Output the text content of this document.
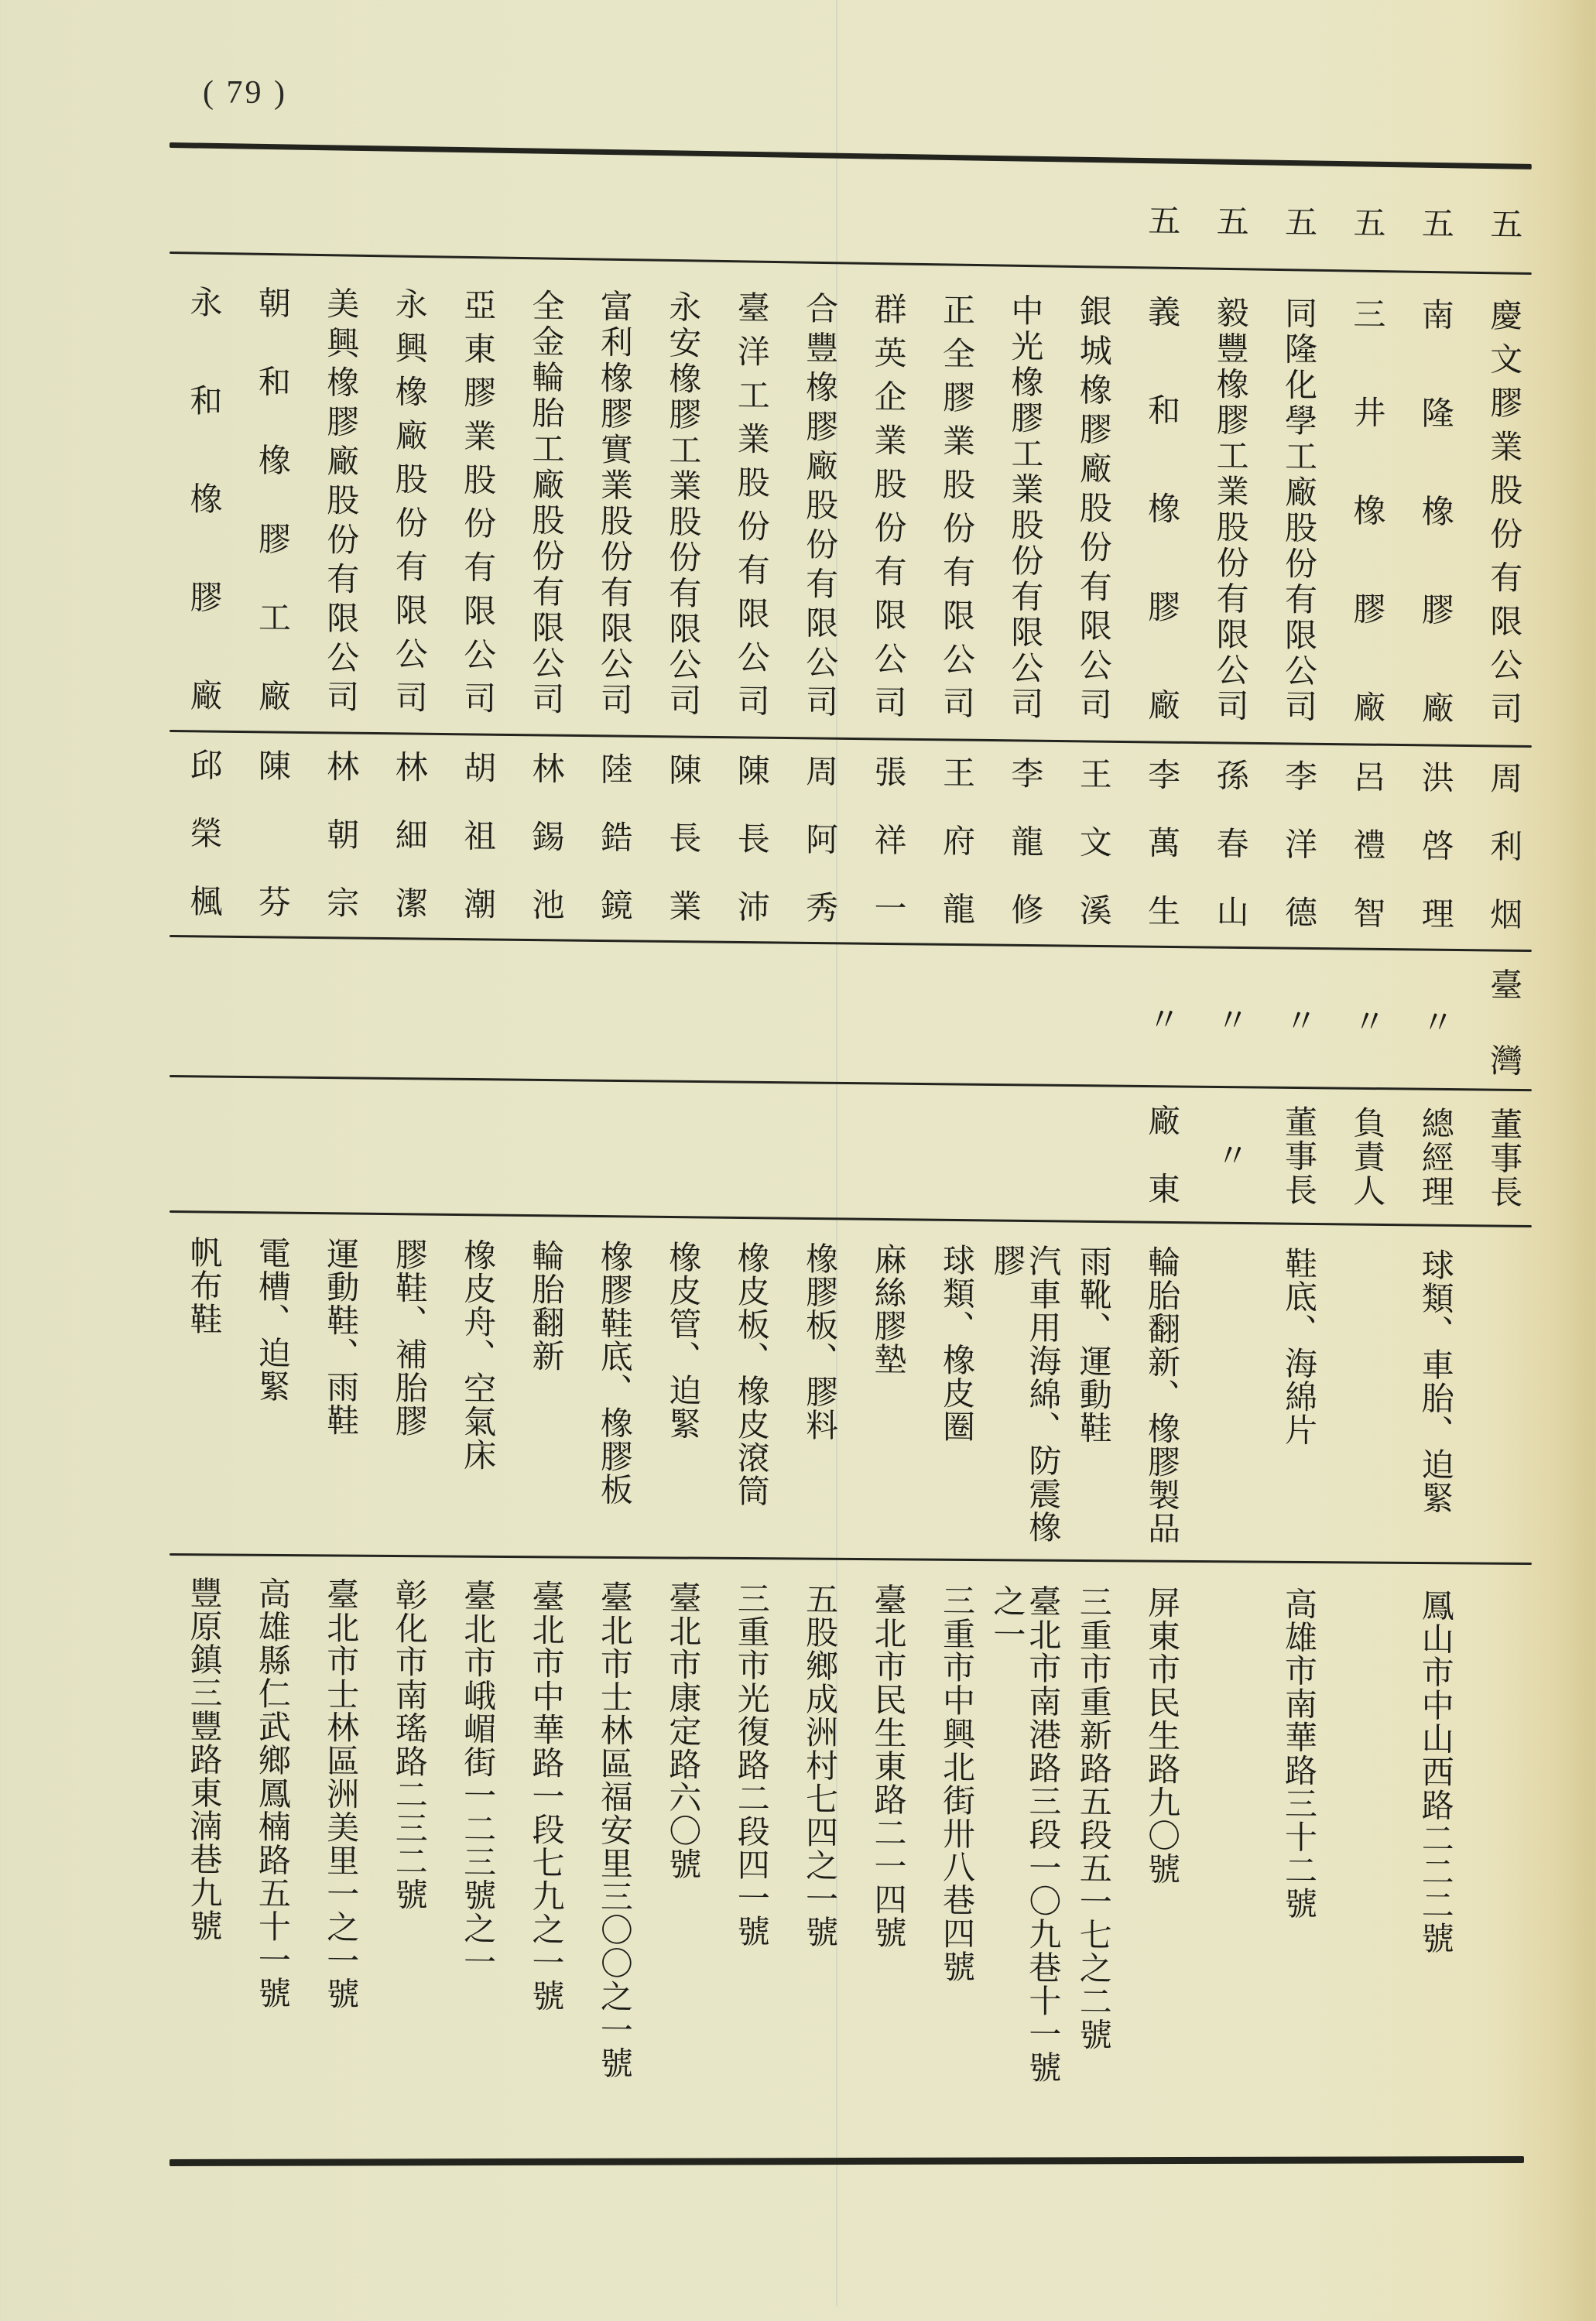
( 79 )
五
五
五
五
五
五
慶文膠業股份有限公司
南隆橡膠廠
三井橡膠廠
同隆化學工廠股份有限公司
毅豐橡膠工業股份有限公司
義和橡膠廠
銀城橡膠廠股份有限公司
中光橡膠工業股份有限公司
正全膠業股份有限公司
群英企業股份有限公司
合豐橡膠廠股份有限公司
臺洋工業股份有限公司
永安橡膠工業股份有限公司
富利橡膠實業股份有限公司
全金輪胎工廠股份有限公司
亞東膠業股份有限公司
永興橡廠股份有限公司
美興橡膠廠股份有限公司
朝和橡膠工廠
永和橡膠廠
周利烟
洪啓理
呂禮智
李洋德
孫春山
李萬生
王文溪
李龍修
王府龍
張祥一
周阿秀
陳長沛
陳長業
陸鋯鏡
林錫池
胡祖潮
林細潔
林朝宗
陳芬
邱榮楓
臺灣
〃
〃
〃
〃
〃
董事長
總經理
負責人
董事長
〃
廠東
球類、車胎、迫緊
鞋底、海綿片
輪胎翻新、橡膠製品
雨靴、運動鞋
汽車用海綿、防震橡膠
球類、橡皮圈
麻絲膠墊
橡膠板、膠料
橡皮板、橡皮滾筒
橡皮管、迫緊
橡膠鞋底、橡膠板
輪胎翻新
橡皮舟、空氣床
膠鞋、補胎膠
運動鞋、雨鞋
電槽、迫緊
帆布鞋
鳳山市中山西路二二二號
高雄市南華路三十二號
屏東市民生路九〇號
三重市重新路五段五一七之二號
臺北市南港路三段一〇九巷十一號之一
三重市中興北街卅八巷四號
臺北市民生東路二一四號
五股鄉成洲村七四之一號
三重市光復路二段四一號
臺北市康定路六〇號
臺北市士林區福安里三〇〇之一號
臺北市中華路一段七九之一號
臺北市峨嵋街一二三號之一
彰化市南瑤路二三二號
臺北市士林區洲美里一之一號
高雄縣仁武鄉鳳楠路五十一號
豐原鎮三豐路東湳巷九號
